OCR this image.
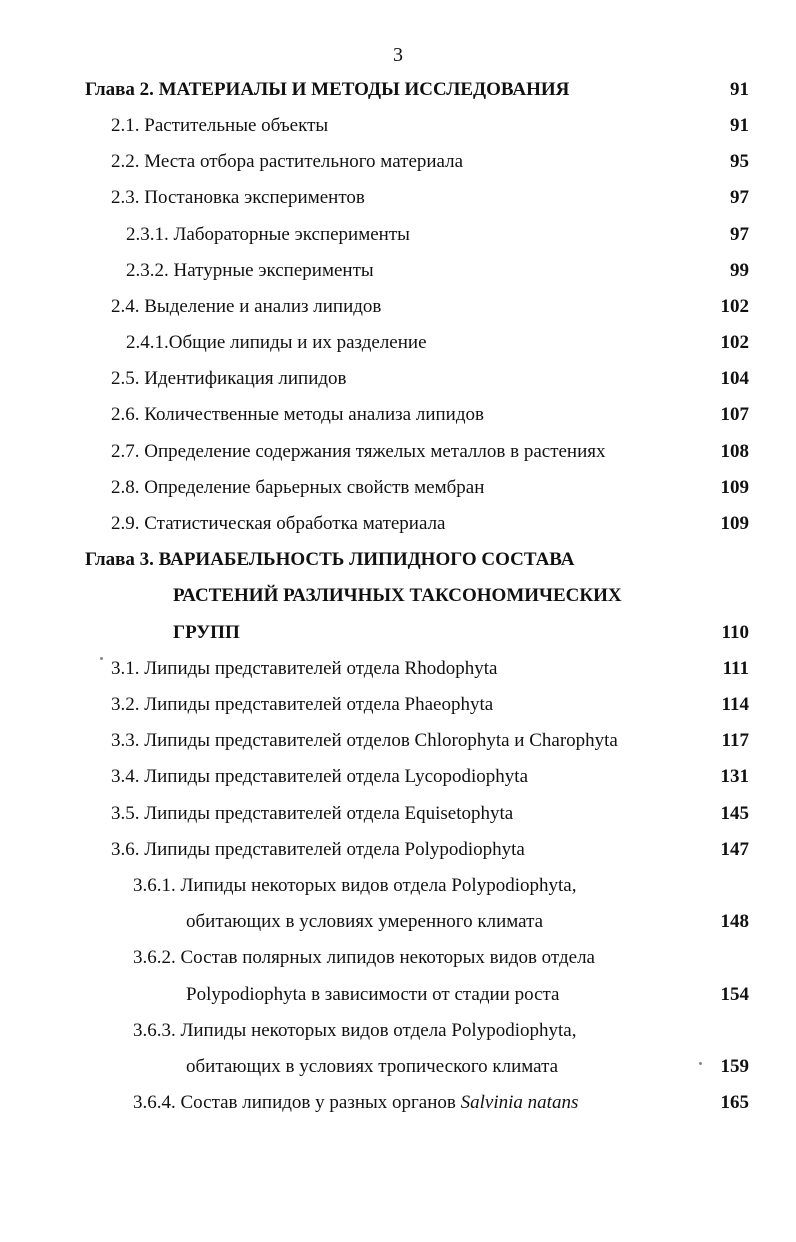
3
Глава 2. МАТЕРИАЛЫ И МЕТОДЫ ИССЛЕДОВАНИЯ	91
2.1. Растительные объекты	91
2.2. Места отбора растительного материала	95
2.3. Постановка экспериментов	97
2.3.1. Лабораторные эксперименты	97
2.3.2. Натурные эксперименты	99
2.4. Выделение и анализ липидов	102
2.4.1.Общие липиды и их разделение	102
2.5. Идентификация липидов	104
2.6. Количественные методы анализа липидов	107
2.7. Определение содержания тяжелых металлов в растениях	108
2.8. Определение барьерных свойств мембран	109
2.9. Статистическая обработка материала	109
Глава 3. ВАРИАБЕЛЬНОСТЬ ЛИПИДНОГО СОСТАВА
РАСТЕНИЙ РАЗЛИЧНЫХ ТАКСОНОМИЧЕСКИХ
ГРУПП	110
3.1. Липиды представителей отдела Rhodophyta	111
3.2. Липиды представителей отдела Phaeophyta	114
3.3. Липиды представителей отделов Chlorophyta и Charophyta	117
3.4. Липиды представителей отдела Lycopodiophyta	131
3.5. Липиды представителей отдела Equisetophyta	145
3.6. Липиды представителей отдела Polypodiophyta	147
3.6.1. Липиды некоторых видов отдела Polypodiophyta,
обитающих в условиях умеренного климата	148
3.6.2. Состав полярных липидов некоторых видов отдела
Polypodiophyta в зависимости от стадии роста	154
3.6.3. Липиды некоторых видов отдела Polypodiophyta,
обитающих в условиях тропического климата	159
3.6.4. Состав липидов у разных органов Salvinia natans	165
